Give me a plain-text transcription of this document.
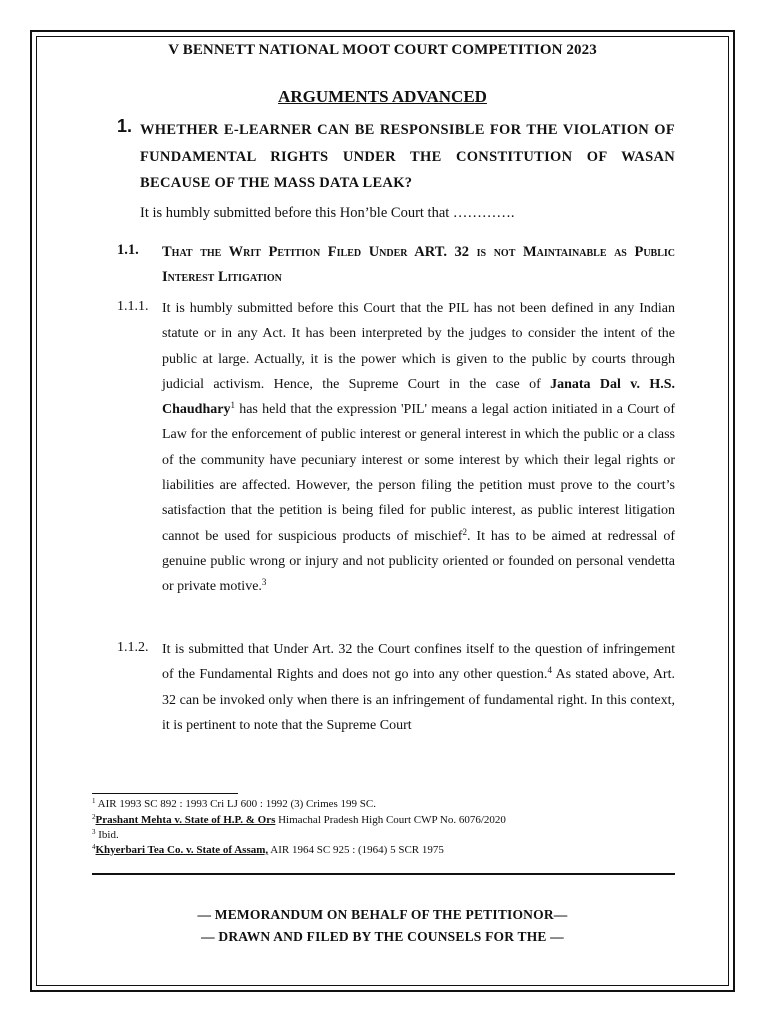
V BENNETT NATIONAL MOOT COURT COMPETITION 2023
ARGUMENTS ADVANCED
1. WHETHER E-LEARNER CAN BE RESPONSIBLE FOR THE VIOLATION OF FUNDAMENTAL RIGHTS UNDER THE CONSTITUTION OF WASAN BECAUSE OF THE MASS DATA LEAK?
It is humbly submitted before this Hon’ble Court that ………….
1.1. That the Writ Petition Filed Under ART. 32 is not Maintainable as Public Interest Litigation
1.1.1. It is humbly submitted before this Court that the PIL has not been defined in any Indian statute or in any Act. It has been interpreted by the judges to consider the intent of the public at large. Actually, it is the power which is given to the public by courts through judicial activism. Hence, the Supreme Court in the case of Janata Dal v. H.S. Chaudhary$^1$ has held that the expression 'PIL' means a legal action initiated in a Court of Law for the enforcement of public interest or general interest in which the public or a class of the community have pecuniary interest or some interest by which their legal rights or liabilities are affected. However, the person filing the petition must prove to the court’s satisfaction that the petition is being filed for public interest, as public interest litigation cannot be used for suspicious products of mischief$^2$. It has to be aimed at redressal of genuine public wrong or injury and not publicity oriented or founded on personal vendetta or private motive.$^3$
1.1.2. It is submitted that Under Art. 32 the Court confines itself to the question of infringement of the Fundamental Rights and does not go into any other question.$^4$ As stated above, Art. 32 can be invoked only when there is an infringement of fundamental right. In this context, it is pertinent to note that the Supreme Court
$^1$ AIR 1993 SC 892 : 1993 Cri LJ 600 : 1992 (3) Crimes 199 SC.
$^2$Prashant Mehta v. State of H.P. & Ors Himachal Pradesh High Court CWP No. 6076/2020
$^3$ Ibid.
$^4$Khyerbari Tea Co. v. State of Assam, AIR 1964 SC 925 : (1964) 5 SCR 1975
— MEMORANDUM ON BEHALF OF THE PETITIONOR—
— DRAWN AND FILED BY THE COUNSELS FOR THE —
